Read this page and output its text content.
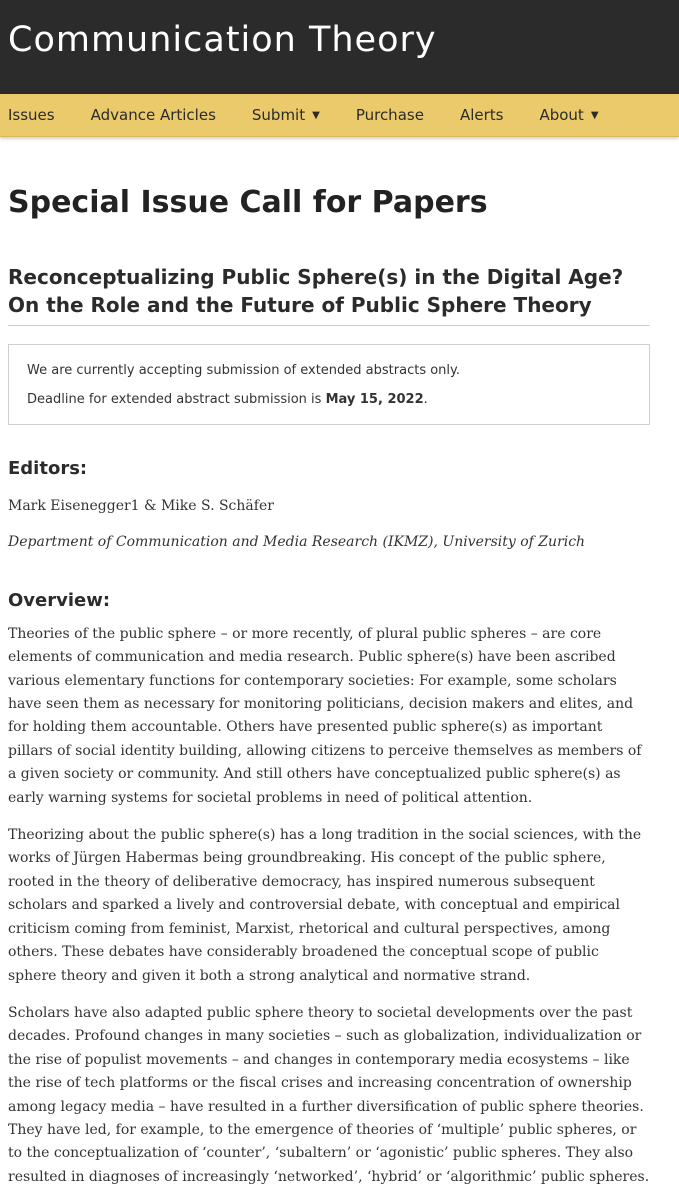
Communication Theory
Issues Advance Articles Submit ▼ Purchase Alerts About ▼
Special Issue Call for Papers
Reconceptualizing Public Sphere(s) in the Digital Age? On the Role and the Future of Public Sphere Theory

We are currently accepting submission of extended abstracts only.

Deadline for extended abstract submission is May 15, 2022.

Editors:

Mark Eisenegger1 & Mike S. Schäfer

Department of Communication and Media Research (IKMZ), University of Zurich

Overview:

Theories of the public sphere – or more recently, of plural public spheres – are core elements of communication and media research. Public sphere(s) have been ascribed various elementary functions for contemporary societies: For example, some scholars have seen them as necessary for monitoring politicians, decision makers and elites, and for holding them accountable. Others have presented public sphere(s) as important pillars of social identity building, allowing citizens to perceive themselves as members of a given society or community. And still others have conceptualized public sphere(s) as early warning systems for societal problems in need of political attention.

Theorizing about the public sphere(s) has a long tradition in the social sciences, with the works of Jürgen Habermas being groundbreaking. His concept of the public sphere, rooted in the theory of deliberative democracy, has inspired numerous subsequent scholars and sparked a lively and controversial debate, with conceptual and empirical criticism coming from feminist, Marxist, rhetorical and cultural perspectives, among others. These debates have considerably broadened the conceptual scope of public sphere theory and given it both a strong analytical and normative strand.

Scholars have also adapted public sphere theory to societal developments over the past decades. Profound changes in many societies – such as globalization, individualization or the rise of populist movements – and changes in contemporary media ecosystems – like the rise of tech platforms or the fiscal crises and increasing concentration of ownership among legacy media – have resulted in a further diversification of public sphere theories. They have led, for example, to the emergence of theories of ‘multiple’ public spheres, or to the conceptualization of ‘counter’, ‘subaltern’ or ‘agonistic’ public spheres. They also resulted in diagnoses of increasingly ‘networked’, ‘hybrid’ or ‘algorithmic’ public spheres.
